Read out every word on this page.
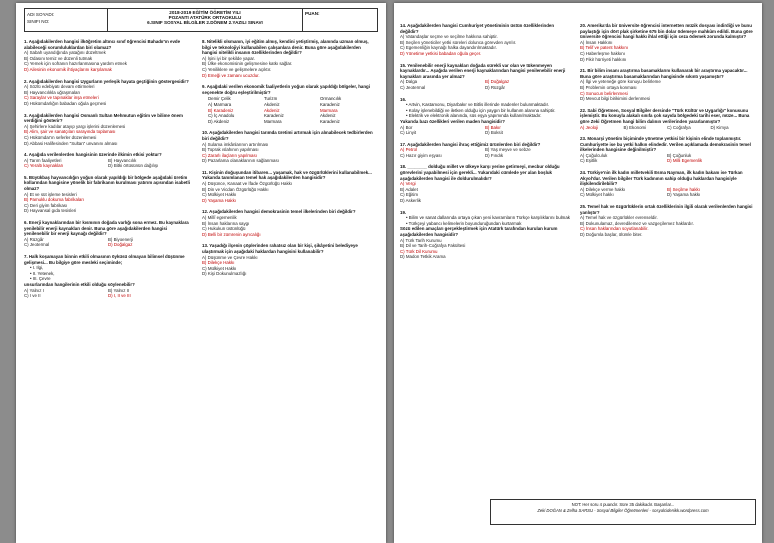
ADI SOYADI:
SINIFI NO:
2018-2019 EĞİTİM ÖĞRETİM YILI
POZANTI ATATÜRK ORTAOKULU
6.SINIF SOSYAL BİLGİLER 2.DÖNEM 2.YAZILI SINAVI
PUAN:
1. Aşağıdakilerden hangisi ilköğretim altıncı sınıf öğrencisi Bahadır'ın evde alabileceği sorumluluklardan biri olamaz?
A) Sabah uyandığında yatağını düzeltmek
B) Odasını temiz ve düzenli tutmak
C) Yemek için sofranın hazırlanmasına yardım etmek
D) Ailesinin ekonomik ihtiyaçlarını karşılamak
2. Aşağıdakilerden hangisi Uygurların yerleşik hayata geçtiğinin göstergesidir?
A) Sözlü edebiyatı devam ettirmeleri
B) Hayvancılıkla uğraşmaları
C) Saraylar ve tapınaklar inşa etmeleri
D) Hükümdarlığın babadan oğula geçmesi
3. Aşağıdakilerden hangisi Osmanlı Sultan Mehmutun eğitim ve bilime önem verdiğini gösterir?
A) Şehirlere kadılar atayıp yargı işlerini düzenlemesi
B) Alim, şair ve sanatçıları sarayında toplaması
C) Hükümdar'ın seferler düzenlemesi
D) Abbasi Halifesinden "Sultan" unvanını alması
4. Aşağıda verilenlerden hangisinin üzerinde ilkimin etkisi yoktur?
A) Tarım faaliyetleri	B) Hayvancılık
C) Yeraltı kaynakları	D) Bitki örtüsünün dağılışı
5. Büyükbaş hayvancılığın yoğun olarak yapıldığı bir bölgede aşağıdaki üretim kollarından hangisine yönelik bir fabrikanın kurulması yatırım açısından isabetli olmaz?
A) Et ve süt işleme tesisleri
B) Pamuklu dokuma fabrikaları
C) Deri giyim fabrikası
D) Hayvansal gıda tesisleri
6. Enerji kaynaklarından bir kısmının doğada varlığı sona ermez. Bu kaynaklara yenilebilir enerji kaynakları denir. Buna göre aşağıdakilerden hangisi yenilenebilir bir enerji kaynağı değildir?
A) Rüzgâr	B) Biyoenerji
C) Jeotermal	D) Doğalgaz
7. Halk koşamayan binnin etkili olmasının öyküsü olmayan bilimsel düşünme gelişmesi... Bu bilgiye göre mesleki seçiminde;
• I. Ilgi,
• II. Yetenek,
• III. Çevre
unsurlarından hangilerinin etkili olduğu söylenebilir?
A) Yalnız I	B) Yalnız II
C) I ve II	D) I, II ve III
8. Nitelikli olsmanın, iyi eğitim almış, kendini yetiştirmiş, alanında uzman olmuş, bilgi ve teknolojiyi kullanabilen çalışanlara denir. Buna göre aşağıdakilerden hangisi nitelikli insanın özelliklerinden değildir?
A) İşini iyi bir şekilde yapar.
B) Ülke ekonomisinin gelişmesine katkı sağlar.
C) Yeniliklere ve gelişmelere açıktır.
D) Emeği ve zamanı ucuzdur.
9. Aşağıdaki verilen ekonomik faaliyetlerin yoğun olarak yapıldığı bölgeler, hangi seçenekte doğru eşleştirilmiştir?
Demir Çelik	Turizm	Ormancılık
A) Marmara	Akdeniz	Karadeniz
B) Karadeniz	Akdeniz	Marmara
C) İç Anadolu	Karadeniz	Akdeniz
D) Akdeniz	Marmara	Karadeniz
10. Aşağıdakilerden hangisi tarımda üretimi artırmak için alınabilecek tedbirlerden biri değildir?
A) Sulama imkânlarının artırılması
B) Toprak ıslahının yapılması
C) Zararlı ilaçların yapılması
D) Pazarlama olanaklarının sağlanması
11. Kişinin doğuşundan itibaren... yaşamak, hak ve özgürlüklerini kullanabilmek... Yukarıda tanımlanan temel hak aşağıdakilerden hangisidir?
A) Düşünce, Kanaat ve İfade Özgürlüğü Hakkı
B) Din ve Vicdan Özgürlüğü Hakkı
C) Mülkiyet Hakkı
D) Yaşama Hakkı
12. Aşağıdakilerden hangisi demokrasinin temel ilkelerinden biri değildir?
A) Millî egemenlik
B) İnsan haklarına saygı
C) Hukukun üstünlüğü
D) Belli bir zümrenin ayrıcalığı
13. Yaşadığı ilçenin çöplerinden rahatsız olan bir kişi, şikâyetini belediyeye ulaştırmak için aşağıdaki haklardan hangisini kullanabilir?
A) Düşünme ve Çevre Hakkı
B) Dilekçe Hakkı
C) Mülkiyet Hakkı
D) Kişi Dokunulmazlığı
14. Aşağıdakilerden hangisi Cumhuriyet yönetiminin üstün özelliklerinden değildir?
A) Vatandaşlar seçme ve seçilme hakkına sahiptir.
B) Seçilen yöneticiler yetki süreleri dolunca görevden ayrılır.
C) Egemenliğin kaynağı halka dayandırılmaktadır.
D) Yönetime yetkisi babadan oğula geçer.
15. Yenilenebilir enerji kaynakları doğada sürekli var olan ve tükenmeyen kaynaklardır... Aşağıda verilen enerji kaynaklarından hangisi yenilenebilir enerji kaynakları arasında yer almaz?
A) Dalga	B) Doğalgaz
C) Jeotermal	D) Rüzgâr
16.
• Artvin, Kastamonu, Diyarbakır ve Bitlis illerinde madenler bulunmaktadır.
• Kolay işlenebildiği ve iletken olduğu için yaygın bir kullanım alanına sahiptir.
• Elektrik ve elektronik alanında, süs eşya yapımında kullanılmaktadır.
Yukarıda bazı özellikleri verilen maden hangisidir?
A) Bor	B) Bakır
C) Linyit	D) Boksit
17. Aşağıdakilerden hangisi ihraç ettiğimiz ürünlerden biri değildir?
A) Petrol	B) Yaş meyve ve sebze
C) Hazır giyim eşyası	D) Fındık
18. ________ dolduğu millet ve ülkeye karşı yerine getirmeyi, mecbur olduğu görevlerini yapabilmesi için gerekli... Yukarıdaki cümlede yer alan boşluk aşağıdakilerden hangisi ile doldurulmalıdır?
A) Vergi
B) Adalet
C) Eğitim
D) Askerlik
19.
• Bilim ve sanat dallarında ortaya çıkan yeni kavramların Türkçe karşılıklarını bulmak
• Türkçeyi yabancı kelimelerin boyunduruğundan kurtarmak
Sözü edilen amaçları gerçekleştirmek için Atatürk tarafından kurulan kurum aşağıdakilerden hangisidir?
A) Türk Tarih Kurumu
B) Dil ve Tarih-Coğrafya Fakültesi
C) Türk Dil Kurumu
D) Madon Tetkik Arama
20. Amerika'da bir üniversite öğrencisi internetten müzik dosyası indirdiği ve bunu paylaştığı için dört plak şirketine 675 bin dolar ödemeye mahkûm edildi. Buna göre üniversite öğrencisi hangi hakkı ihlal ettiği için ceza ödemek zorunda kalmıştır?
A) İnsan Hakkını
B) Telif ve patent hakkını
C) Haberleşme hakkını
D) Fikir hürriyeti hakkını
21. Bir bilim insanı araştırma basamaklarını kullanarak bir araştırma yapacaktır... Buna göre araştırma basamaklarından hangisinde sıkıntı yaşamıştır?
A) İlgi ve yeteneğe göre konuyu belirleme
B) Problemin ortaya konması
C) Sonucun belirlenmesi
D) Mevcut bilgi birikimini derlenmesi
22. Sabi Öğretmen, Sosyal Bilgiler dersinde "Türk Kültür ve Uygarlığı" konusunu işlemiştir. Bu konuyla alakalı sınıfa çok sayıda bölgedeki tarihi eser, müze... Buna göre Zeki Öğretmen hangi bilim dalının verilerinden yararlanmıştır?
A) Jeoloji	B) Ekonomi	C) Coğrafya	D) Kimya
23. Monarşi yönetim biçiminde yönetme yetkisi bir kişinin elinde toplanmıştır. Cumhuriyette ise bu yetki halkın elindedir. Verilen açıklamada demokrasinin temel ilkelerinden hangisine değinilmiştir?
A) Çoğulculuk	B) Çoğunluk
C) Eşitlik	D) Milli Egemenlik
24. Türkiye'nin ilk kadın milletvekili Esma Nayman, ilk kadın bakanı ise Türkan Akyol'dur. Verilen bilgiler Türk kadınının sahip olduğu haklardan hangisiyle ilişkilendirilebilir?
A) Dilekçe verme hakkı	B) Seçilme hakkı
C) Mülkiyet hakkı	D) Yaşama hakkı
25. Temel hak ve özgürlüklerin ortak özelliklerinin ilgili olarak verilenlerden hangisi yanlıştır?
A) Temel hak ve özgürlükler evrenseldir.
B) Dokunulamaz, devredilemez ve vazgeçilemez haklardır.
C) İnsan haklarından soyutlanabilir.
D) Doğumla başlar, ölümle biter.
NOT: Her soru 4 puandır. Süre 35 dakikadır. Başarılar...
Zeki DOĞAN & Zelha SARSU - Sosyal Bilgiler Öğretmenleri - sosyalcidenikk.wordpress.com
